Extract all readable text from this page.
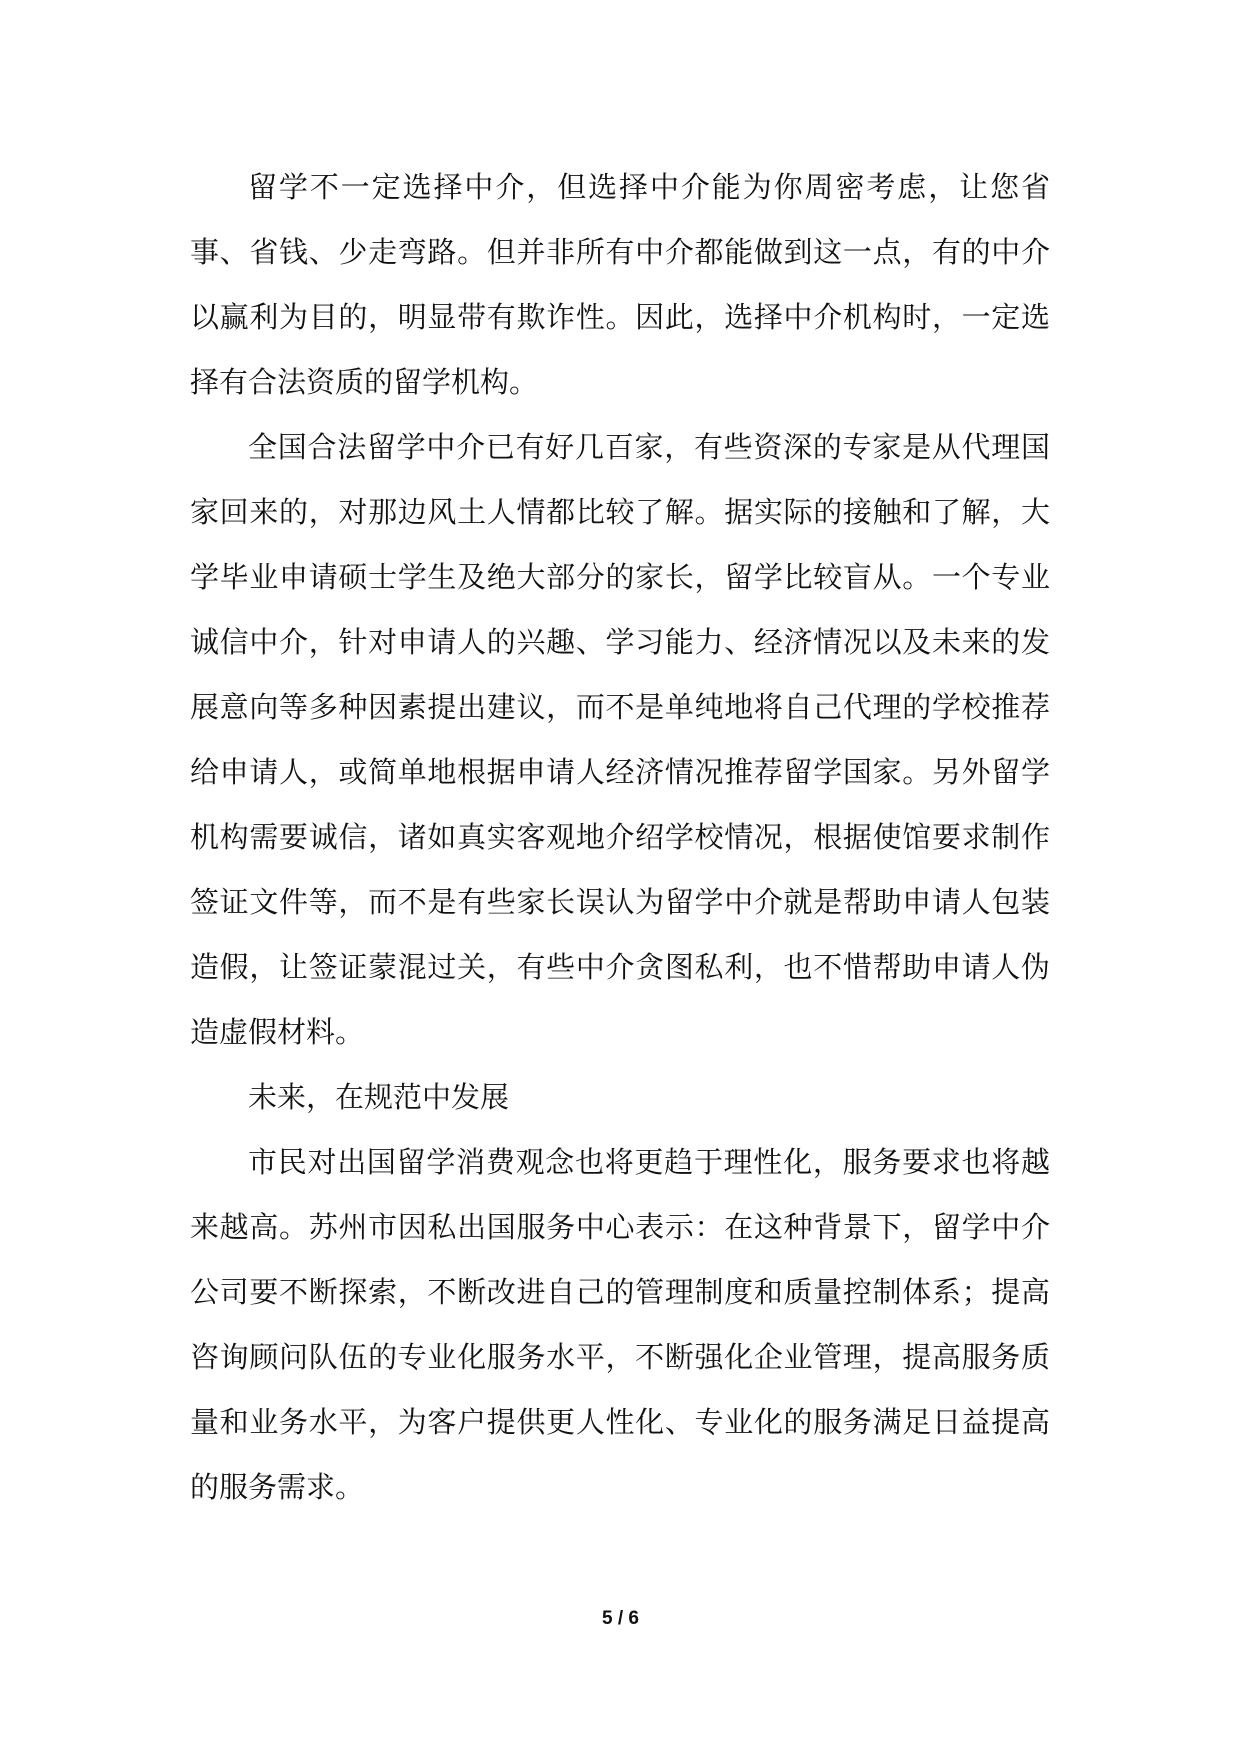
留学不一定选择中介，但选择中介能为你周密考虑，让您省事、省钱、少走弯路。但并非所有中介都能做到这一点，有的中介以赢利为目的，明显带有欺诈性。因此，选择中介机构时，一定选择有合法资质的留学机构。

全国合法留学中介已有好几百家，有些资深的专家是从代理国家回来的，对那边风土人情都比较了解。据实际的接触和了解，大学毕业申请硕士学生及绝大部分的家长，留学比较盲从。一个专业诚信中介，针对申请人的兴趣、学习能力、经济情况以及未来的发展意向等多种因素提出建议，而不是单纯地将自己代理的学校推荐给申请人，或简单地根据申请人经济情况推荐留学国家。另外留学机构需要诚信，诸如真实客观地介绍学校情况，根据使馆要求制作签证文件等，而不是有些家长误认为留学中介就是帮助申请人包装造假，让签证蒙混过关，有些中介贪图私利，也不惜帮助申请人伪造虚假材料。

未来，在规范中发展

市民对出国留学消费观念也将更趋于理性化，服务要求也将越来越高。苏州市因私出国服务中心表示：在这种背景下，留学中介公司要不断探索，不断改进自己的管理制度和质量控制体系；提高咨询顾问队伍的专业化服务水平，不断强化企业管理，提高服务质量和业务水平，为客户提供更人性化、专业化的服务满足日益提高的服务需求。

5 / 6
